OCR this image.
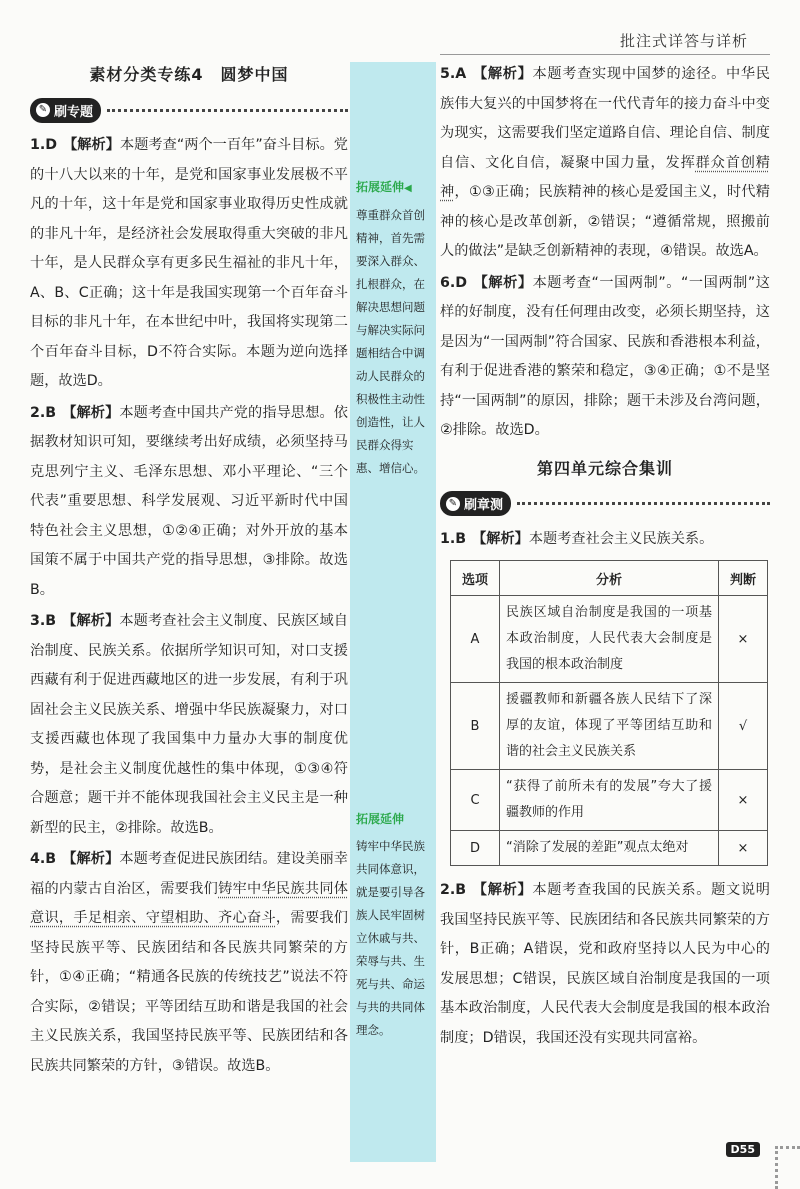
批注式详答与详析
素材分类专练4　圆梦中国
✎ 刷专题
1.D 【解析】本题考查“两个一百年”奋斗目标。党的十八大以来的十年，是党和国家事业发展极不平凡的十年，这十年是党和国家事业取得历史性成就的非凡十年，是经济社会发展取得重大突破的非凡十年，是人民群众享有更多民生福祉的非凡十年，A、B、C正确；这十年是我国实现第一个百年奋斗目标的非凡十年，在本世纪中叶，我国将实现第二个百年奋斗目标，D不符合实际。本题为逆向选择题，故选D。
2.B 【解析】本题考查中国共产党的指导思想。依据教材知识可知，要继续考出好成绩，必须坚持马克思列宁主义、毛泽东思想、邓小平理论、“三个代表”重要思想、科学发展观、习近平新时代中国特色社会主义思想，①②④正确；对外开放的基本国策不属于中国共产党的指导思想，③排除。故选B。
3.B 【解析】本题考查社会主义制度、民族区域自治制度、民族关系。依据所学知识可知，对口支援西藏有利于促进西藏地区的进一步发展，有利于巩固社会主义民族关系、增强中华民族凝聚力，对口支援西藏也体现了我国集中力量办大事的制度优势，是社会主义制度优越性的集中体现，①③④符合题意；题干并不能体现我国社会主义民主是一种新型的民主，②排除。故选B。
4.B 【解析】本题考查促进民族团结。建设美丽幸福的内蒙古自治区，需要我们铸牢中华民族共同体意识，手足相亲、守望相助、齐心奋斗，需要我们坚持民族平等、民族团结和各民族共同繁荣的方针，①④正确；“精通各民族的传统技艺”说法不符合实际，②错误；平等团结互助和谐是我国的社会主义民族关系，我国坚持民族平等、民族团结和各民族共同繁荣的方针，③错误。故选B。
拓展延伸◀
尊重群众首创精神，首先需要深入群众、扎根群众，在解决思想问题与解决实际问题相结合中调动人民群众的积极性主动性创造性，让人民群众得实惠、增信心。
拓展延伸
铸牢中华民族共同体意识，就是要引导各族人民牢固树立休戚与共、荣辱与共、生死与共、命运与共的共同体理念。
5.A 【解析】本题考查实现中国梦的途径。中华民族伟大复兴的中国梦将在一代代青年的接力奋斗中变为现实，这需要我们坚定道路自信、理论自信、制度自信、文化自信，凝聚中国力量，发挥群众首创精神，①③正确；民族精神的核心是爱国主义，时代精神的核心是改革创新，②错误；“遵循常规，照搬前人的做法”是缺乏创新精神的表现，④错误。故选A。
6.D 【解析】本题考查“一国两制”。“一国两制”这样的好制度，没有任何理由改变，必须长期坚持，这是因为“一国两制”符合国家、民族和香港根本利益，有利于促进香港的繁荣和稳定，③④正确；①不是坚持“一国两制”的原因，排除；题干未涉及台湾问题，②排除。故选D。
第四单元综合集训
✎ 刷章测
1.B 【解析】本题考查社会主义民族关系。
选项	分析	判断
A	民族区域自治制度是我国的一项基本政治制度，人民代表大会制度是我国的根本政治制度	×
B	援疆教师和新疆各族人民结下了深厚的友谊，体现了平等团结互助和谐的社会主义民族关系	√
C	“获得了前所未有的发展”夸大了援疆教师的作用	×
D	“消除了发展的差距”观点太绝对	×
2.B 【解析】本题考查我国的民族关系。题文说明我国坚持民族平等、民族团结和各民族共同繁荣的方针，B正确；A错误，党和政府坚持以人民为中心的发展思想；C错误，民族区域自治制度是我国的一项基本政治制度，人民代表大会制度是我国的根本政治制度；D错误，我国还没有实现共同富裕。
D55
